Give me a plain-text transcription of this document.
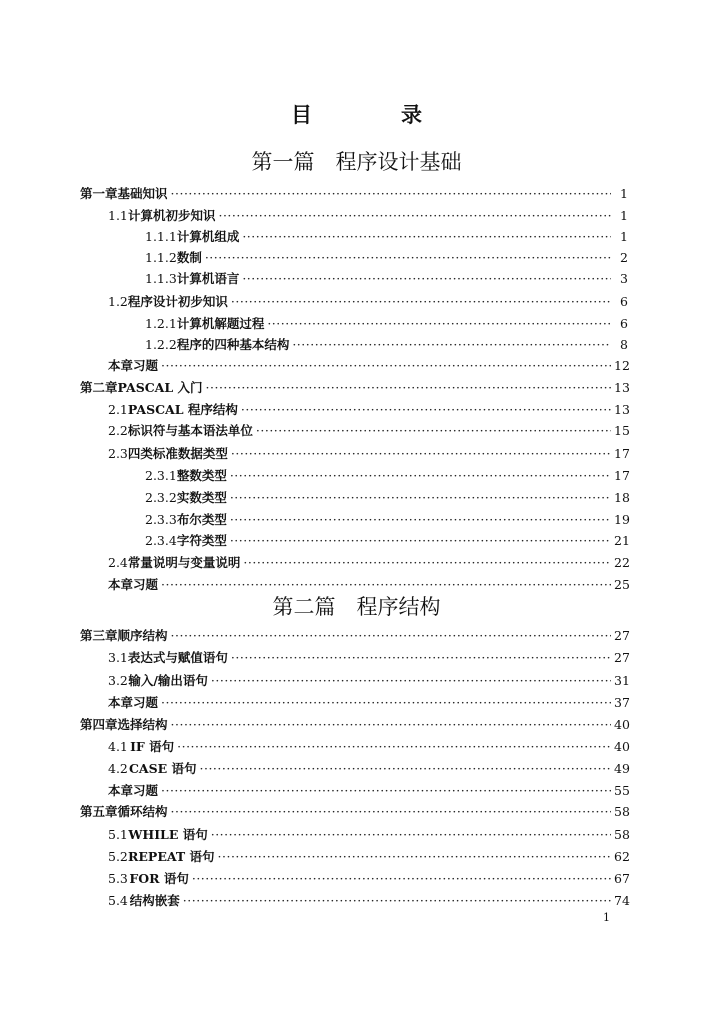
目　录
第一篇　程序设计基础
第二篇　程序结构
第一章 基础知识 ·····	1
1.1 计算机初步知识 ·····	1
1.1.1 计算机组成 ·····	1
1.1.2 数制 ·····	2
1.1.3 计算机语言 ·····	3
1.2 程序设计初步知识 ·····	6
1.2.1 计算机解题过程 ·····	6
1.2.2 程序的四种基本结构 ·····	8
本章习题 ·····	12
第二章 PASCAL 入门 ·····	13
2.1 PASCAL 程序结构 ·····	13
2.2 标识符与基本语法单位 ·····	15
2.3 四类标准数据类型 ·····	17
2.3.1 整数类型 ·····	17
2.3.2 实数类型 ·····	18
2.3.3 布尔类型 ·····	19
2.3.4 字符类型 ·····	21
2.4 常量说明与变量说明 ·····	22
本章习题 ·····	25
第三章 顺序结构 ·····	27
3.1 表达式与赋值语句 ·····	27
3.2 输入/输出语句 ·····	31
本章习题 ·····	37
第四章 选择结构 ·····	40
4.1 IF 语句 ·····	40
4.2 CASE 语句 ·····	49
本章习题 ·····	55
第五章 循环结构 ·····	58
5.1 WHILE 语句 ·····	58
5.2 REPEAT 语句 ·····	62
5.3 FOR 语句 ·····	67
5.4 结构嵌套 ·····	74
1
